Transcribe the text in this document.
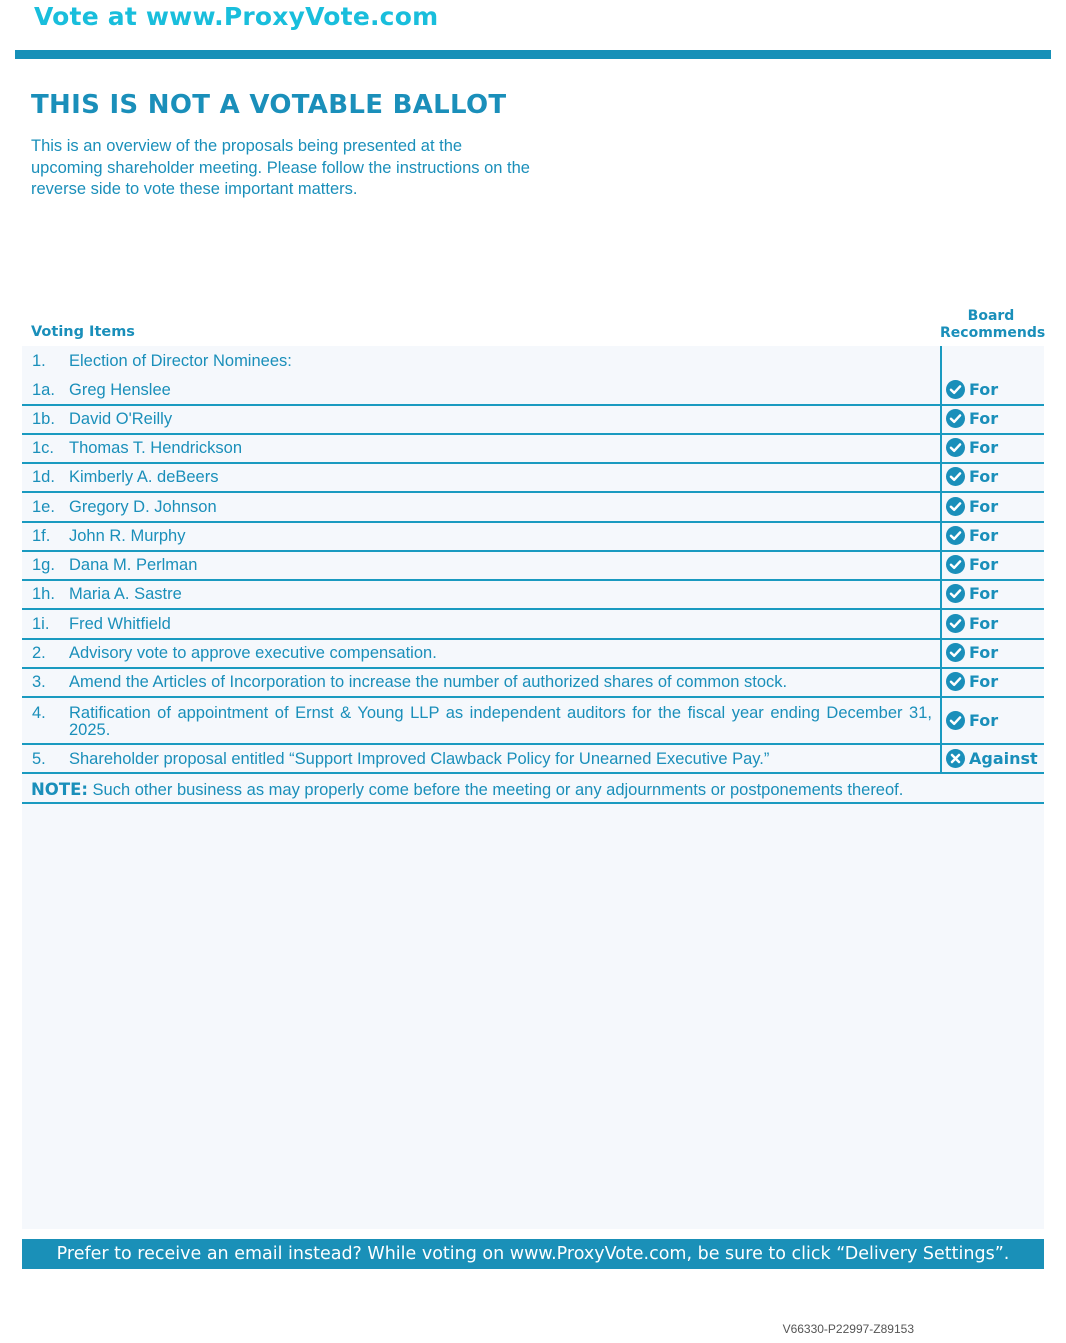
Vote at www.ProxyVote.com
THIS IS NOT A VOTABLE BALLOT
This is an overview of the proposals being presented at the upcoming shareholder meeting. Please follow the instructions on the reverse side to vote these important matters.
Voting Items
Board
Recommends
1. Election of Director Nominees:
1a. Greg Henslee	For
1b. David O'Reilly	For
1c. Thomas T. Hendrickson	For
1d. Kimberly A. deBeers	For
1e. Gregory D. Johnson	For
1f. John R. Murphy	For
1g. Dana M. Perlman	For
1h. Maria A. Sastre	For
1i. Fred Whitfield	For
2. Advisory vote to approve executive compensation.	For
3. Amend the Articles of Incorporation to increase the number of authorized shares of common stock.	For
4. Ratification of appointment of Ernst & Young LLP as independent auditors for the fiscal year ending December 31, 2025.	For
5. Shareholder proposal entitled “Support Improved Clawback Policy for Unearned Executive Pay.”	Against
NOTE: Such other business as may properly come before the meeting or any adjournments or postponements thereof.
Prefer to receive an email instead? While voting on www.ProxyVote.com, be sure to click “Delivery Settings”.
V66330-P22997-Z89153
